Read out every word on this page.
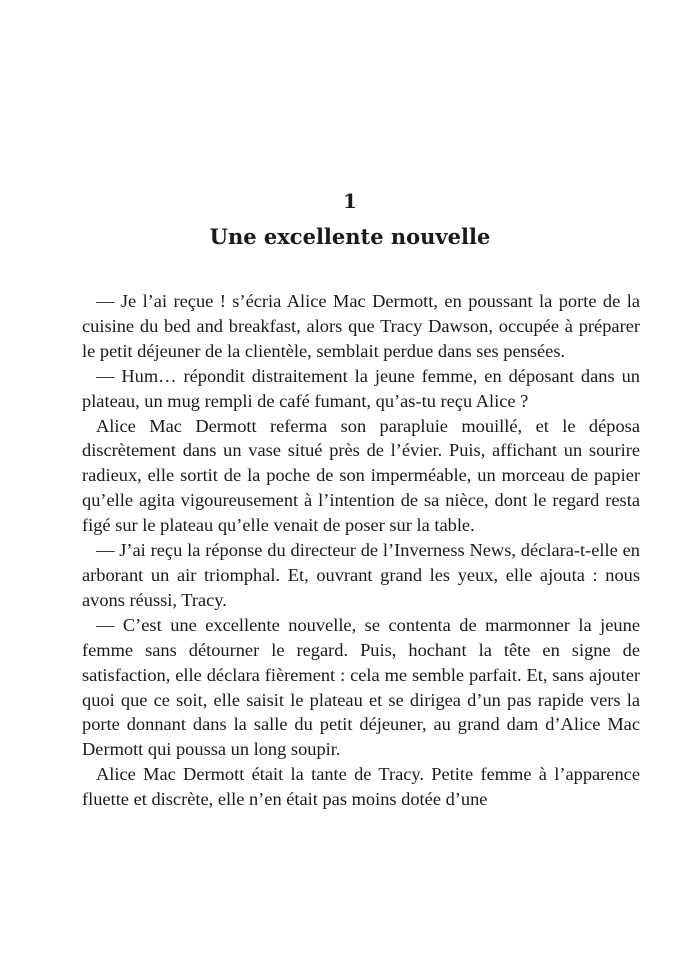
1
Une excellente nouvelle

— Je l’ai reçue ! s’écria Alice Mac Dermott, en poussant la porte de la cuisine du bed and breakfast, alors que Tracy Dawson, occupée à préparer le petit déjeuner de la clientèle, semblait perdue dans ses pensées.

— Hum… répondit distraitement la jeune femme, en déposant dans un plateau, un mug rempli de café fumant, qu’as-tu reçu Alice ?

Alice Mac Dermott referma son parapluie mouillé, et le déposa discrètement dans un vase situé près de l’évier. Puis, affichant un sourire radieux, elle sortit de la poche de son imperméable, un morceau de papier qu’elle agita vigoureusement à l’intention de sa nièce, dont le regard resta figé sur le plateau qu’elle venait de poser sur la table.

— J’ai reçu la réponse du directeur de l’Inverness News, déclara-t-elle en arborant un air triomphal. Et, ouvrant grand les yeux, elle ajouta : nous avons réussi, Tracy.

— C’est une excellente nouvelle, se contenta de marmonner la jeune femme sans détourner le regard. Puis, hochant la tête en signe de satisfaction, elle déclara fièrement : cela me semble parfait. Et, sans ajouter quoi que ce soit, elle saisit le plateau et se dirigea d’un pas rapide vers la porte donnant dans la salle du petit déjeuner, au grand dam d’Alice Mac Dermott qui poussa un long soupir.

Alice Mac Dermott était la tante de Tracy. Petite femme à l’apparence fluette et discrète, elle n’en était pas moins dotée d’une
